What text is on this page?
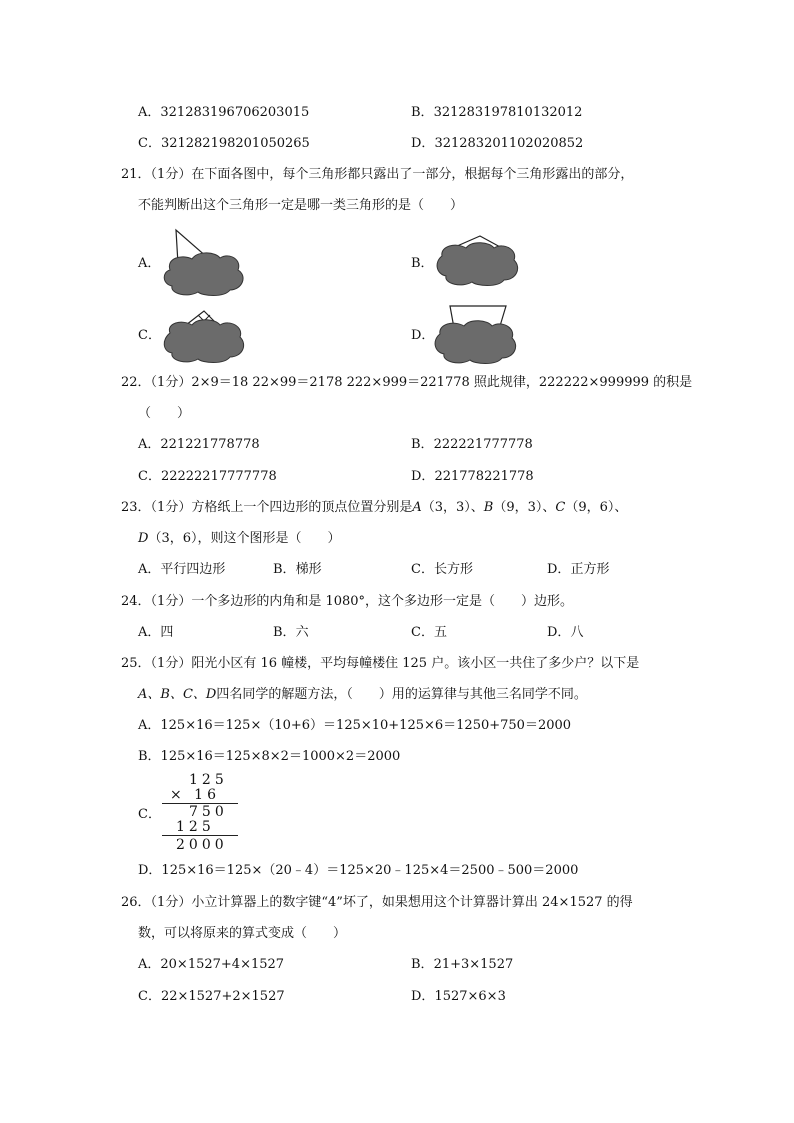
A．321283196706203015	B．321283197810132012
C．321282198201050265	D．321283201102020852
21．（1分）在下面各图中，每个三角形都只露出了一部分，根据每个三角形露出的部分，
不能判断出这个三角形一定是哪一类三角形的是（　　）
A．	B．
C．	D．
22．（1分）2×9＝18 22×99＝2178 222×999＝221778 照此规律，222222×999999 的积是
（　　）
A．221221778778	B．222221777778
C．22222217777778	D．221778221778
23．（1分）方格纸上一个四边形的顶点位置分别是A（3，3）、B（9，3）、C（9，6）、
D（3，6），则这个图形是（　　）
A．平行四边形	B．梯形	C．长方形	D．正方形
24．（1分）一个多边形的内角和是 1080°，这个多边形一定是（　　）边形。
A．四	B．六	C．五	D．八
25．（1分）阳光小区有 16 幢楼，平均每幢楼住 125 户。该小区一共住了多少户？以下是
A、B、C、D四名同学的解题方法，（　　）用的运算律与其他三名同学不同。
A．125×16＝125×（10+6）＝125×10+125×6＝1250+750＝2000
B．125×16＝125×8×2＝1000×2＝2000
C．
125
× 16
750
125
2000
D．125×16＝125×（20﹣4）＝125×20﹣125×4＝2500﹣500＝2000
26．（1分）小立计算器上的数字键“4”坏了，如果想用这个计算器计算出 24×1527 的得
数，可以将原来的算式变成（　　）
A．20×1527+4×1527	B．21+3×1527
C．22×1527+2×1527	D．1527×6×3
